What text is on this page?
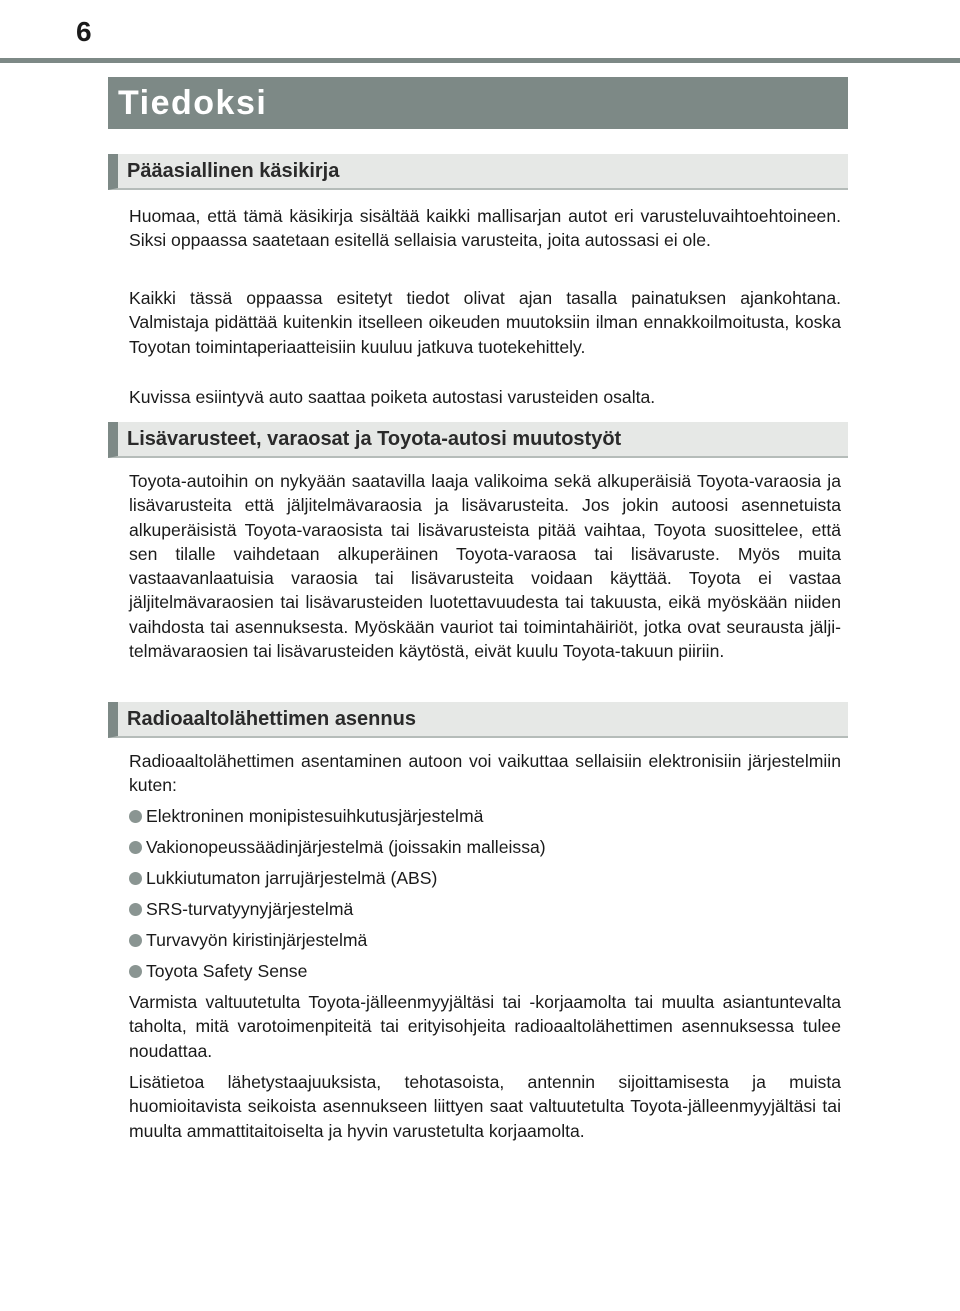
6
Tiedoksi
Pääasiallinen käsikirja

Huomaa, että tämä käsikirja sisältää kaikki mallisarjan autot eri varusteluvaihtoehtoineen. Siksi oppaassa saatetaan esitellä sellaisia varusteita, joita autossasi ei ole.

Kaikki tässä oppaassa esitetyt tiedot olivat ajan tasalla painatuksen ajankohtana. Valmistaja pidättää kuitenkin itselleen oikeuden muutoksiin ilman ennakkoilmoitusta, koska Toyotan toimintaperiaatteisiin kuuluu jatkuva tuotekehittely.

Kuvissa esiintyvä auto saattaa poiketa autostasi varusteiden osalta.

Lisävarusteet, varaosat ja Toyota-autosi muutostyöt

Toyota-autoihin on nykyään saatavilla laaja valikoima sekä alkuperäisiä Toyota-varaosia ja lisävarusteita että jäljitelmävaraosia ja lisävarusteita. Jos jokin autoosi asennetuista alkuperäisistä Toyota-varaosista tai lisävarusteista pitää vaihtaa, Toyota suosittelee, että sen tilalle vaihdetaan alkuperäinen Toyota-varaosa tai lisävaruste. Myös muita vastaavanlaatuisia varaosia tai lisävarusteita voidaan käyttää. Toyota ei vastaa jäljitelmävaraosien tai lisävarusteiden luotettavuudesta tai takuusta, eikä myöskään niiden vaihdosta tai asennuksesta. Myöskään vauriot tai toimintahäiriöt, jotka ovat seurausta jäljitelmävaraosien tai lisävarusteiden käytöstä, eivät kuulu Toyota-takuun piiriin.

Radioaaltolähettimen asennus

Radioaaltolähettimen asentaminen autoon voi vaikuttaa sellaisiin elektronisiin järjestelmiin kuten:

Elektroninen monipistesuihkutusjärjestelmä
Vakionopeussäädinjärjestelmä (joissakin malleissa)
Lukkiutumaton jarrujärjestelmä (ABS)
SRS-turvatyynyjärjestelmä
Turvavyön kiristinjärjestelmä
Toyota Safety Sense

Varmista valtuutetulta Toyota-jälleenmyyjältäsi tai -korjaamolta tai muulta asiantuntevalta taholta, mitä varotoimenpiteitä tai erityisohjeita radioaaltolähettimen asennuksessa tulee noudattaa.

Lisätietoa lähetystaajuuksista, tehotasoista, antennin sijoittamisesta ja muista huomioitavista seikoista asennukseen liittyen saat valtuutetulta Toyota-jälleenmyyjältäsi tai muulta ammattitaitoiselta ja hyvin varustetulta korjaamolta.
